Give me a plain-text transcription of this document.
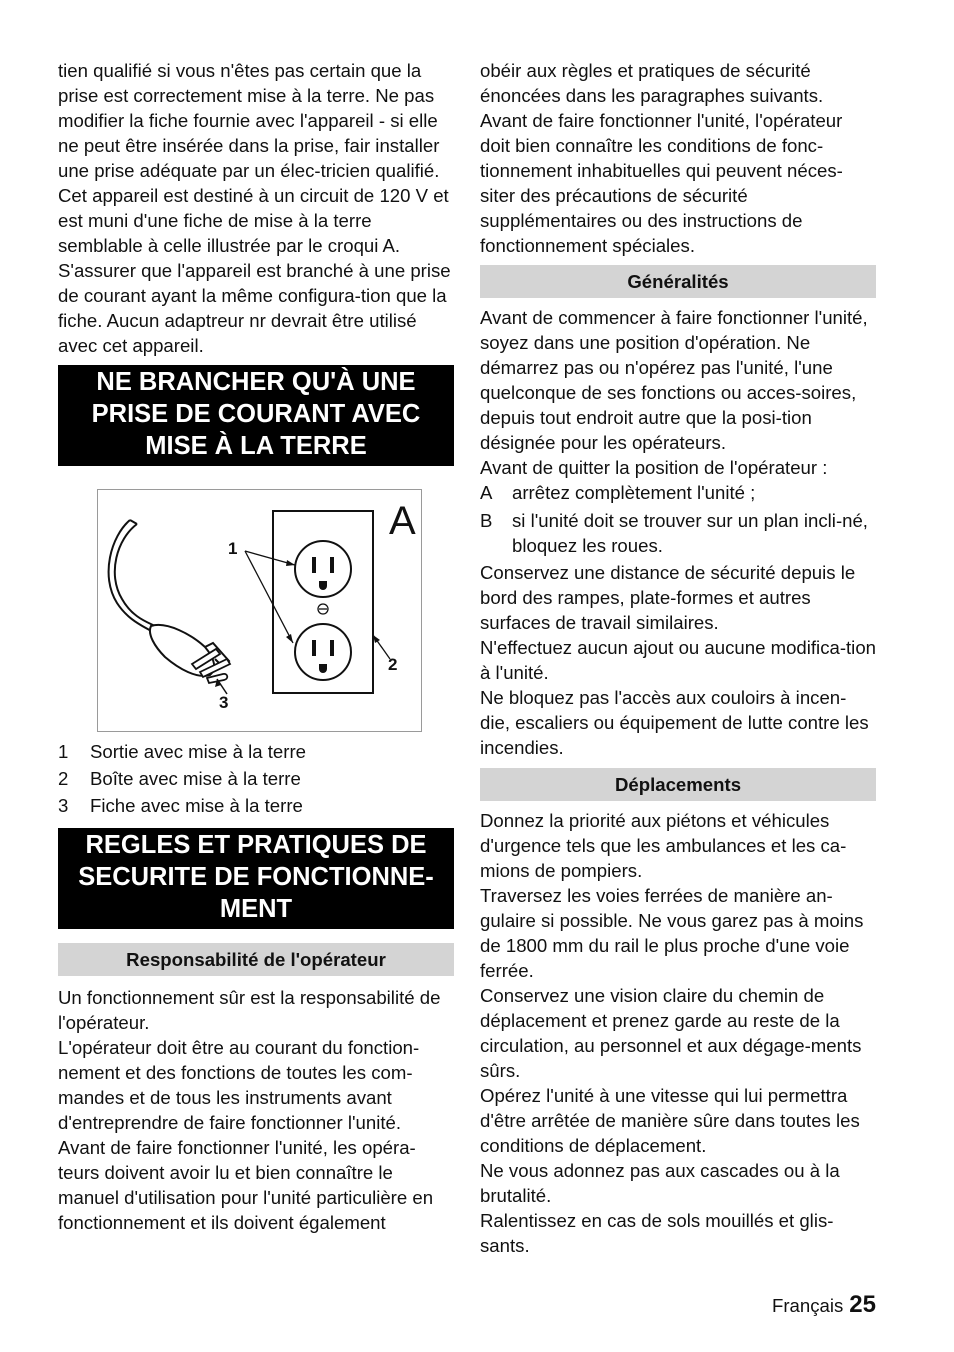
tien qualifié si vous n'êtes pas certain que la prise est correctement mise à la terre. Ne pas modifier la fiche fournie avec l'appareil - si elle ne peut être insérée dans la prise, fair installer une prise adéquate par un élec-tricien qualifié.

Cet appareil est destiné à un circuit de 120 V et est muni d'une fiche de mise à la terre semblable à celle illustrée par le croqui A. S'assurer que l'appareil est branché à une prise de courant ayant la même configura-tion que la fiche. Aucun adaptreur nr devrait être utilisé avec cet appareil.

NE BRANCHER QU'À UNE
PRISE DE COURANT AVEC
MISE À LA TERRE
A
1
2
3
1	Sortie avec mise à la terre
2	Boîte avec mise à la terre
3	Fiche avec mise à la terre
REGLES ET PRATIQUES DE
SECURITE DE FONCTIONNE-
MENT
Responsabilité de l'opérateur

Un fonctionnement sûr est la responsabilité de l'opérateur.

L'opérateur doit être au courant du fonction-nement et des fonctions de toutes les com-mandes et de tous les instruments avant d'entreprendre de faire fonctionner l'unité.

Avant de faire fonctionner l'unité, les opéra-teurs doivent avoir lu et bien connaître le manuel d'utilisation pour l'unité particulière en fonctionnement et ils doivent également

obéir aux règles et pratiques de sécurité énoncées dans les paragraphes suivants.

Avant de faire fonctionner l'unité, l'opérateur doit bien connaître les conditions de fonc-tionnement inhabituelles qui peuvent néces-siter des précautions de sécurité supplémentaires ou des instructions de fonctionnement spéciales.

Généralités

Avant de commencer à faire fonctionner l'unité, soyez dans une position d'opération. Ne démarrez pas ou n'opérez pas l'unité, l'une quelconque de ses fonctions ou acces-soires, depuis tout endroit autre que la posi-tion désignée pour les opérateurs.

Avant de quitter la position de l'opérateur :

A	arrêtez complètement l'unité ;
B	si l'unité doit se trouver sur un plan incli-né, bloquez les roues.

Conservez une distance de sécurité depuis le bord des rampes, plate-formes et autres surfaces de travail similaires.

N'effectuez aucun ajout ou aucune modifica-tion à l'unité.

Ne bloquez pas l'accès aux couloirs à incen-die, escaliers ou équipement de lutte contre les incendies.

Déplacements

Donnez la priorité aux piétons et véhicules d'urgence tels que les ambulances et les ca-mions de pompiers.

Traversez les voies ferrées de manière an-gulaire si possible. Ne vous garez pas à moins de 1800 mm du rail le plus proche d'une voie ferrée.

Conservez une vision claire du chemin de déplacement et prenez garde au reste de la circulation, au personnel et aux dégage-ments sûrs.

Opérez l'unité à une vitesse qui lui permettra d'être arrêtée de manière sûre dans toutes les conditions de déplacement.

Ne vous adonnez pas aux cascades ou à la brutalité.

Ralentissez en cas de sols mouillés et glis-sants.

Français 25
